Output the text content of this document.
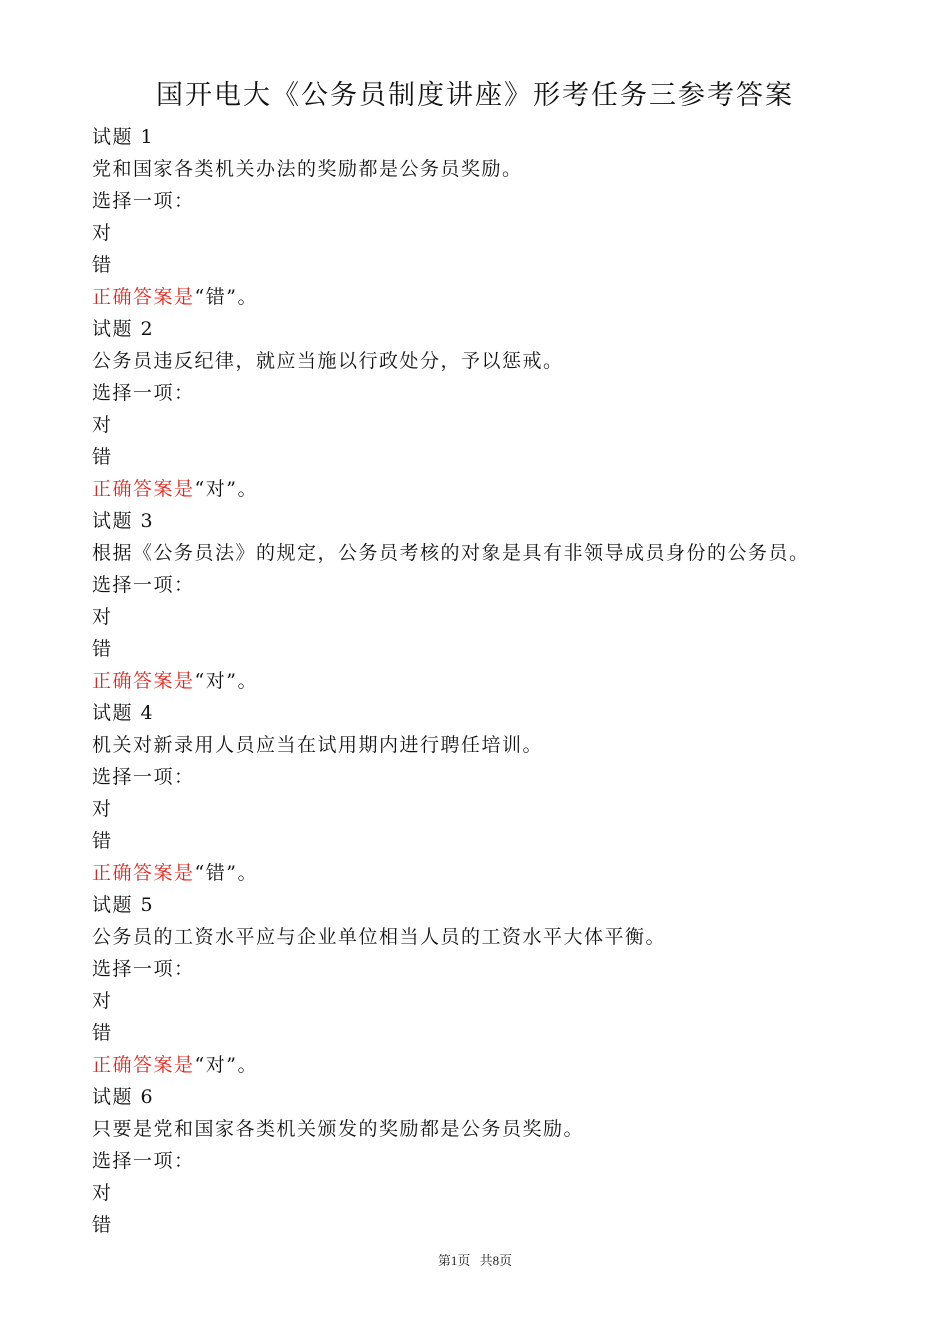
国开电大《公务员制度讲座》形考任务三参考答案
试题 1
党和国家各类机关办法的奖励都是公务员奖励。
选择一项：
对
错
正确答案是“错”。
试题 2
公务员违反纪律，就应当施以行政处分，予以惩戒。
选择一项：
对
错
正确答案是“对”。
试题 3
根据《公务员法》的规定，公务员考核的对象是具有非领导成员身份的公务员。
选择一项：
对
错
正确答案是“对”。
试题 4
机关对新录用人员应当在试用期内进行聘任培训。
选择一项：
对
错
正确答案是“错”。
试题 5
公务员的工资水平应与企业单位相当人员的工资水平大体平衡。
选择一项：
对
错
正确答案是“对”。
试题 6
只要是党和国家各类机关颁发的奖励都是公务员奖励。
选择一项：
对
错
第1页 共8页
